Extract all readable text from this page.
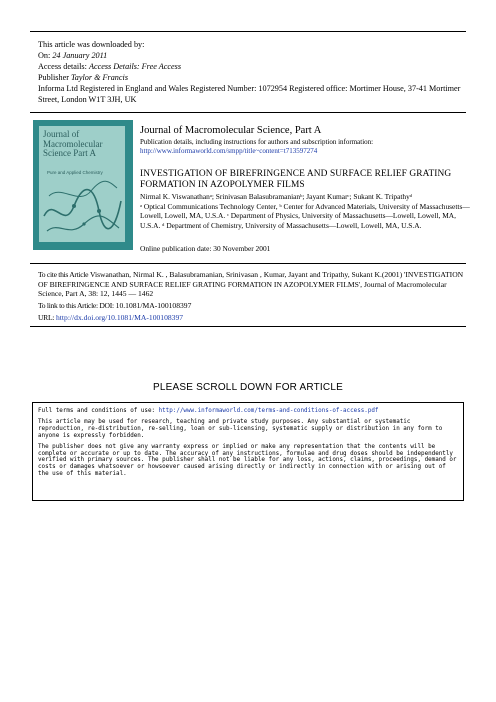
This article was downloaded by:
On: 24 January 2011
Access details: Access Details: Free Access
Publisher Taylor & Francis
Informa Ltd Registered in England and Wales Registered Number: 1072954 Registered office: Mortimer House, 37-41 Mortimer Street, London W1T 3JH, UK
Journal of Macromolecular Science Part A
Pure and Applied Chemistry
Journal of Macromolecular Science, Part A
Publication details, including instructions for authors and subscription information:
http://www.informaworld.com/smpp/title~content=t713597274
INVESTIGATION OF BIREFRINGENCE AND SURFACE RELIEF GRATING FORMATION IN AZOPOLYMER FILMS
Nirmal K. Viswanathanᵃ; Srinivasan Balasubramanianᵇ; Jayant Kumarᶜ; Sukant K. Tripathyᵈ
ᵃ Optical Communications Technology Center, ᵇ Center for Advanced Materials, University of Massachusetts—Lowell, Lowell, MA, U.S.A. ᶜ Department of Physics, University of Massachusetts—Lowell, Lowell, MA, U.S.A. ᵈ Department of Chemistry, University of Massachusetts—Lowell, Lowell, MA, U.S.A.
Online publication date: 30 November 2001
To cite this Article Viswanathan, Nirmal K. , Balasubramanian, Srinivasan , Kumar, Jayant and Tripathy, Sukant K.(2001) 'INVESTIGATION OF BIREFRINGENCE AND SURFACE RELIEF GRATING FORMATION IN AZOPOLYMER FILMS', Journal of Macromolecular Science, Part A, 38: 12, 1445 — 1462
To link to this Article: DOI: 10.1081/MA-100108397
URL: http://dx.doi.org/10.1081/MA-100108397
PLEASE SCROLL DOWN FOR ARTICLE

Full terms and conditions of use: http://www.informaworld.com/terms-and-conditions-of-access.pdf

This article may be used for research, teaching and private study purposes. Any substantial or systematic reproduction, re-distribution, re-selling, loan or sub-licensing, systematic supply or distribution in any form to anyone is expressly forbidden.

The publisher does not give any warranty express or implied or make any representation that the contents will be complete or accurate or up to date. The accuracy of any instructions, formulae and drug doses should be independently verified with primary sources. The publisher shall not be liable for any loss, actions, claims, proceedings, demand or costs or damages whatsoever or howsoever caused arising directly or indirectly in connection with or arising out of the use of this material.
